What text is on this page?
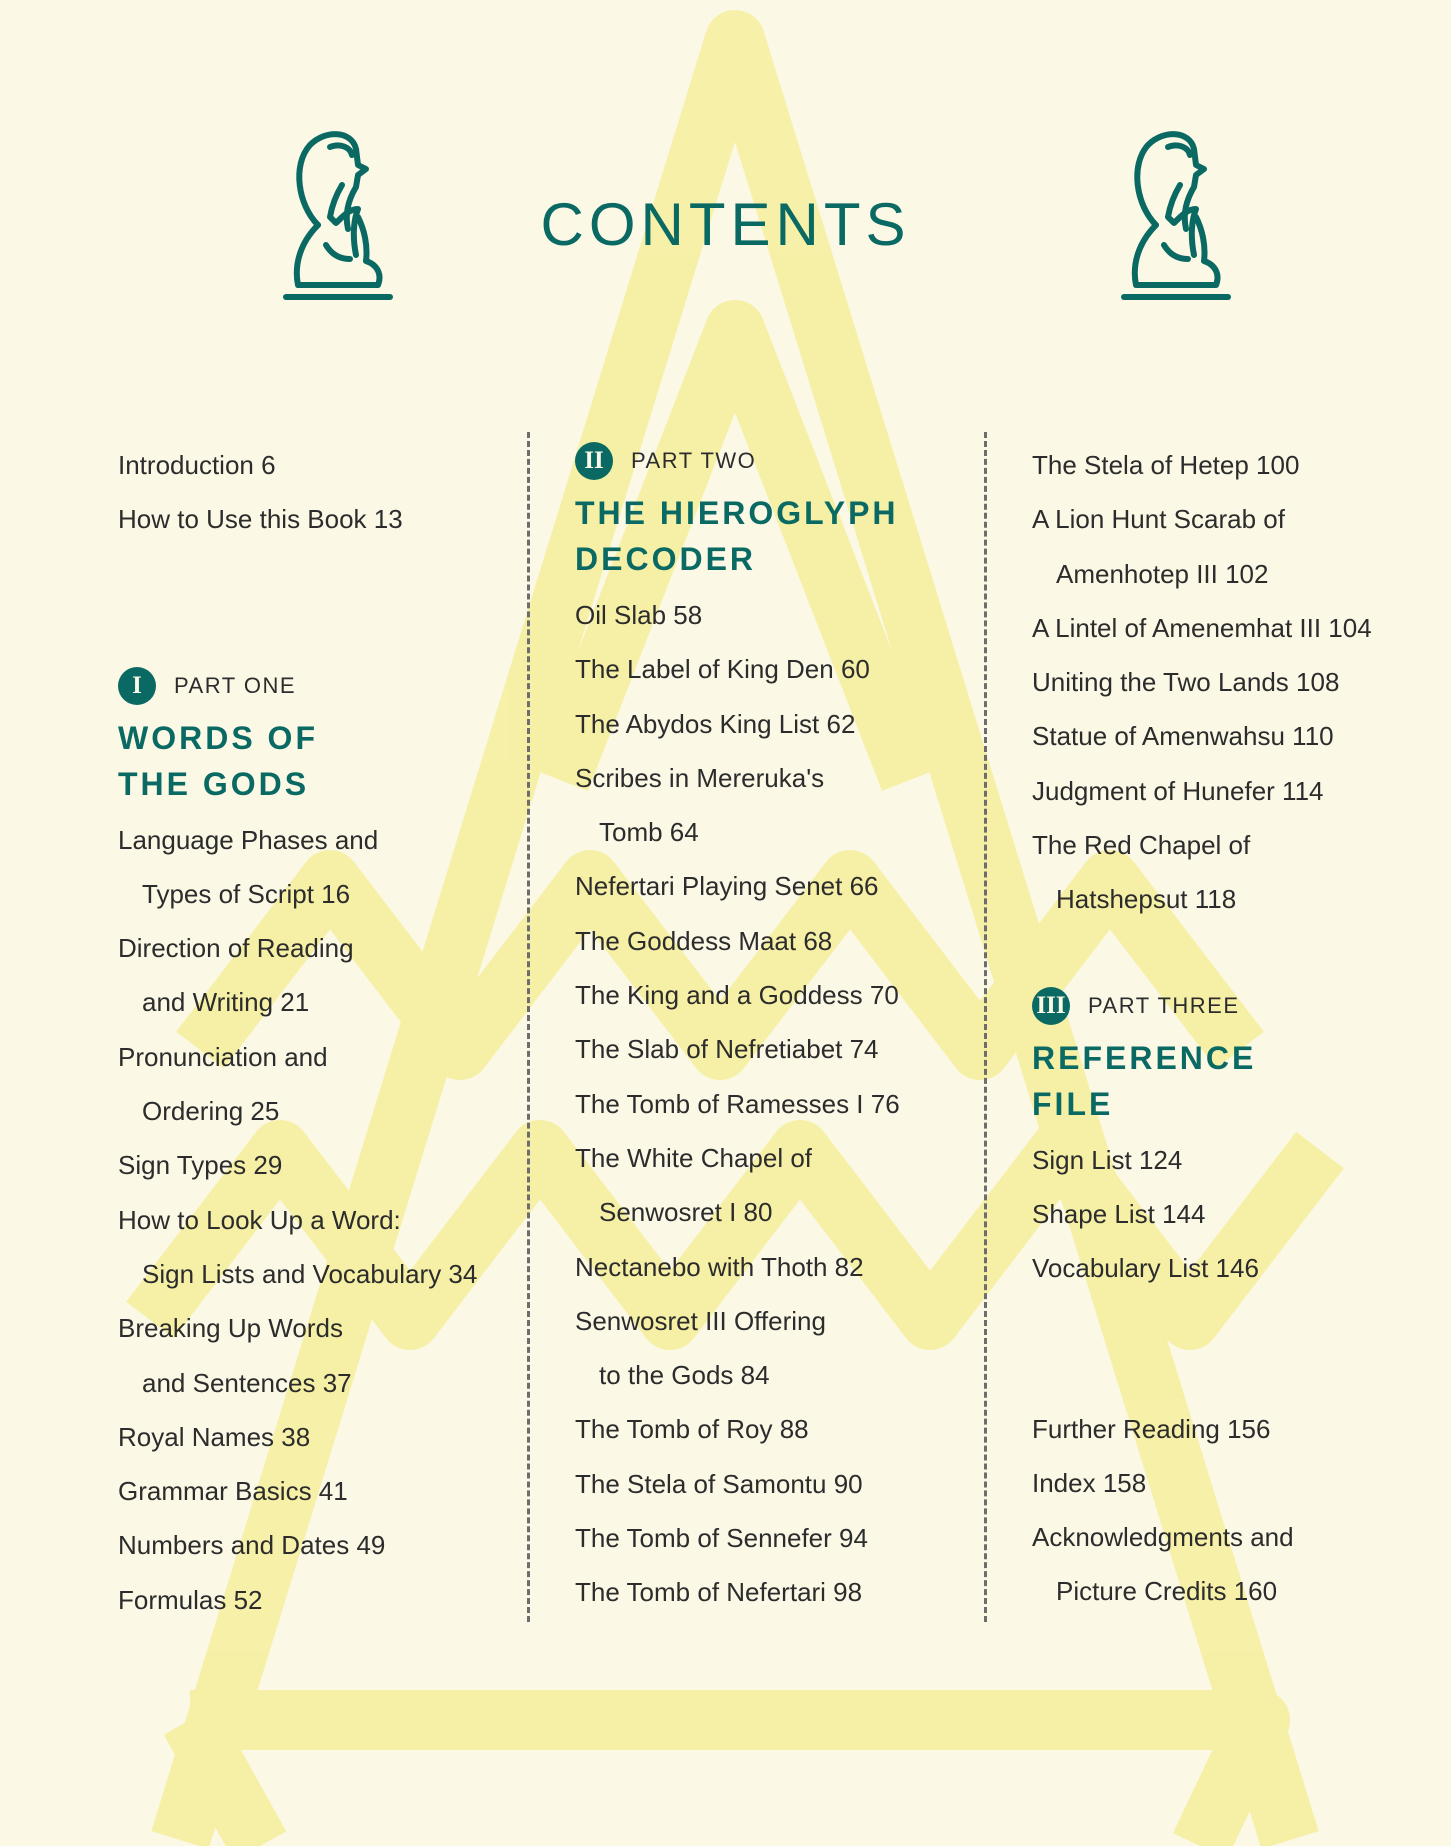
CONTENTS
Introduction 6
How to Use this Book 13
I	PART ONE
WORDS OF
THE GODS
Language Phases and
Types of Script 16
Direction of Reading
and Writing 21
Pronunciation and
Ordering 25
Sign Types 29
How to Look Up a Word:
Sign Lists and Vocabulary 34
Breaking Up Words
and Sentences 37
Royal Names 38
Grammar Basics 41
Numbers and Dates 49
Formulas 52
II	PART TWO
THE HIEROGLYPH
DECODER
Oil Slab 58
The Label of King Den 60
The Abydos King List 62
Scribes in Mereruka's
Tomb 64
Nefertari Playing Senet 66
The Goddess Maat 68
The King and a Goddess 70
The Slab of Nefretiabet 74
The Tomb of Ramesses I 76
The White Chapel of
Senwosret I 80
Nectanebo with Thoth 82
Senwosret III Offering
to the Gods 84
The Tomb of Roy 88
The Stela of Samontu 90
The Tomb of Sennefer 94
The Tomb of Nefertari 98
The Stela of Hetep 100
A Lion Hunt Scarab of
Amenhotep III 102
A Lintel of Amenemhat III 104
Uniting the Two Lands 108
Statue of Amenwahsu 110
Judgment of Hunefer 114
The Red Chapel of
Hatshepsut 118
III PART THREE
REFERENCE
FILE
Sign List 124
Shape List 144
Vocabulary List 146
Further Reading 156
Index 158
Acknowledgments and
Picture Credits 160
